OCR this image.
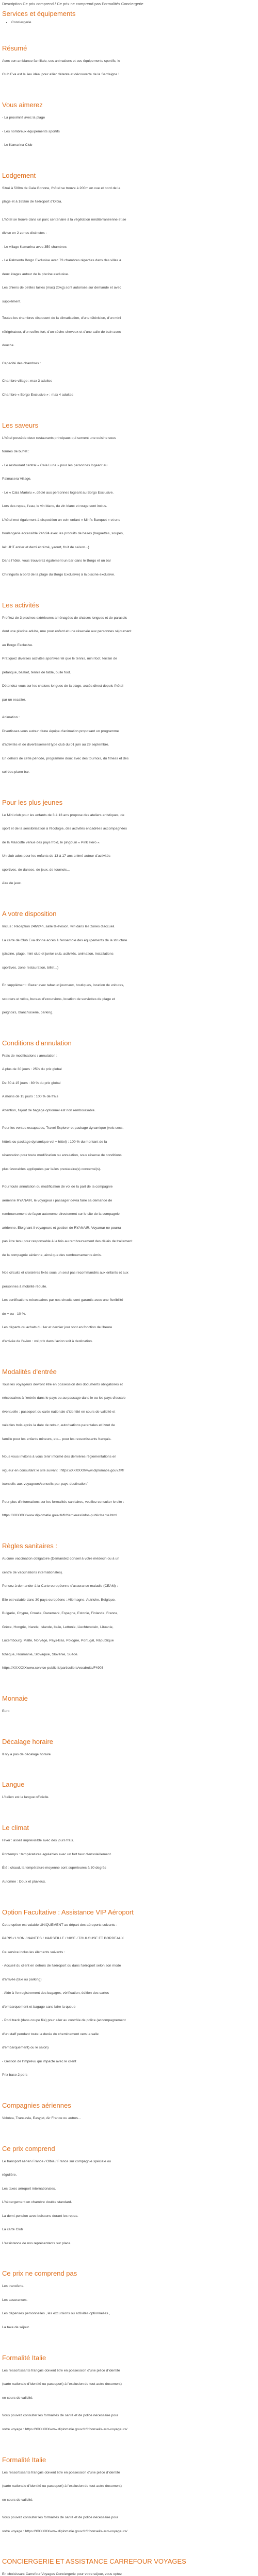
Description Ce prix comprend / Ce prix ne comprend pas Formalités Conciergerie
Services et équipements
• Conciergerie
Résumé

Avec son ambiance familiale, ses animations et ses équipements sportifs, le

Club Eva est le lieu idéal pour allier détente et découverte de la Sardaigne !

Vous aimerez

- La proximité avec la plage

- Les nombreux équipements sportifs

- Le Kamarina Club

Lodgement

Situé à 500m de Cala Gonone, l'hôtel se trouve à 200m en vue et bord de la

plage et à 165km de l'aéroport d'Olbia.

L'hôtel se trouve dans un parc centenaire à la végétation méditerranéenne et se

divise en 2 zones distinctes :

- Le village Kamarina avec 350 chambres

- Le Palmento Borgo Exclusive avec 73 chambres réparties dans des villas à

deux étages autour de la piscine exclusive.

Les chiens de petites tailles (max) 20kg) sont autorisés sur demande et avec

supplément.

Toutes les chambres disposent de la climatisation, d'une télévision, d'un mini

réfrigérateur, d'un coffre-fort, d'un sèche-cheveux et d'une salle de bain avec

douche.

Capacité des chambres :

Chambre village : max 3 adultes

Chambre « Borgo Exclusive » : max 4 adultes

Les saveurs

L'hôtel possède deux restaurants principaux qui servent une cuisine sous

formes de buffet :

- Le restaurant central « Cala Luna » pour les personnes logeant au

Palmasera Village.

- Le « Cala Mariolu », dédié aux personnes logeant au Borgo Exclusive.

Lors des repas, l'eau, le vin blanc, du vin blanc et rouge sont inclus.

L'hôtel met également à disposition un coin enfant « Mini's Banquet » et une

boulangerie accessible 24h/24 avec les produits de bases (baguettes, soupes,

lait UHT entier et demi écrémé, yaourt, fruit de saison...)

Dans l'hôtel, vous trouverez également un bar dans le Borgo et un bar

Chiringuito à bord de la plage du Borgo Exclusive) à la piscine exclusive.

Les activités

Profitez de 3 piscines extérieures aménagées de chaises longues et de parasols

dont une piscine adulte, une pour enfant et une réservée aux personnes séjournant

au Borgo Exclusive.

Pratiquez diverses activités sportives tel que le tennis, mini foot, terrain de

pétanque, basket, tennis de table, bulle foot.

Détendez-vous sur les chaises longues de la plage, accès direct depuis l'hôtel

par un escalier.

Animation :

Divertissez-vous autour d'une équipe d'animation proposant un programme

d'activités et de divertissement type club du 01 juin au 29 septembre.

En dehors de cette période, programme doux avec des tournois, du fitness et des

soirées piano bar.

Pour les plus jeunes

Le Mini club pour les enfants de 3 à 13 ans propose des ateliers artistiques, de

sport et de la sensibilisation à l'écologie, des activités encadrées accompagnées

de la Mascotte venue des pays froid, le pingouin « Pink Hero ».

Un club ados pour les enfants de 13 à 17 ans animé autour d'activités

sportives, de danses, de jeux, de tournois...

Aire de jeux.

A votre disposition

Inclus : Réception 24h/24h, salle télévision, wifi dans les zones d'accueil.

La carte de Club Eva donne accès à l'ensemble des équipements de la structure

(piscine, plage, mini club et junior club, activités, animation, installations

sportives, zone restauration, billet...)

En supplément : Bazar avec tabac et journaux, boutiques, location de voitures,

scooters et vélos, bureau d'excursions, location de serviettes de plage et

peignoirs, blanchisserie, parking.

Conditions d'annulation

Frais de modifications / annulation :

A plus de 30 jours : 25% du prix global

De 30 à 15 jours : 80 % du prix global

A moins de 15 jours : 100 % de frais

Attention, l'ajout de bagage optionnel est non remboursable.

Pour les ventes escapades, Travel Explorer et package dynamique (vols secs,

hôtels ou package dynamique vol + hôtel) : 100 % du montant de la

réservation pour toute modification ou annulation, sous réserve de conditions

plus favorables appliquées par le/les prestataire(s) concerné(s).

Pour toute annulation ou modification de vol de la part de la compagnie

aérienne RYANAIR, le voyageur / passager devra faire sa demande de

remboursement de façon autonome directement sur le site de la compagnie

aérienne. Eloignant il voyageurs et gestion de RYANAIR, Voyamar ne pourra

pas être tenu pour responsable à la fois au remboursement des délais de traitement

de la compagnie aérienne, ainsi que des remboursements émis.

Nos circuits et croisières fixés sous un seul pas recommandés aux enfants et aux

personnes à mobilité réduite.

Les certifications nécessaires par nos circuits sont garantis avec une flexibilité

de + ou - 10 %.

Les départs ou achats du 1er et dernier jour sont en fonction de l'heure

d'arrivée de l'avion : vol prix dans l'avion soit à destination.

Modalités d'entrée

Tous les voyageurs devront être en possession des documents obligatoires et

nécessaires à l'entrée dans le pays ou au passage dans le ou les pays d'escale

éventuelle : passeport ou carte nationale d'identité en cours de validité et

valables trois après la date de retour, autorisations parentales et livret de

famille pour les enfants mineurs, etc... pour les ressortissants français.

Nous vous invitons à vous tenir informé des dernières réglementations en

vigueur en consultant le site suivant : https://XXXXXXwww.diplomatie.gouv.fr/fr

/conseils-aux-voyageurs/conseils-par-pays-destination/

Pour plus d'informations sur les formalités sanitaires, veuillez consulter le site :

https://XXXXXXwww.diplomatie.gouv.fr/fr/dernieres/infos-public/sante.html

Règles sanitaires :

Aucune vaccination obligatoire (Demandez conseil à votre médecin ou à un

centre de vaccinations internationales).

Pensez à demander à la Carte européenne d'assurance maladie (CEAM) :

Elle est valable dans 30 pays européens : Allemagne, Autriche, Belgique,

Bulgarie, Chypre, Croatie, Danemark, Espagne, Estonie, Finlande, France,

Grèce, Hongrie, Irlande, Islande, Italie, Lettonie, Liechtenstein, Lituanie,

Luxembourg, Malte, Norvège, Pays-Bas, Pologne, Portugal, République

tchèque, Roumanie, Slovaquie, Slovénie, Suède.

https://XXXXXXwww.service-public.fr/particuliers/vosdroits/F4903

Monnaie

Euro

Décalage horaire

Il n'y a pas de décalage horaire

Langue

L'italien est la langue officielle.

Le climat

Hiver : assez imprévisible avec des jours frais.

Printemps : températures agréables avec un fort taux d'ensoleillement.

Été : chaud, la température moyenne sont supérieures à 30 degrés

Automne : Doux et pluvieux.

Option Facultative : Assistance VIP Aéroport

Cette option est valable UNIQUEMENT au départ des aéroports suivants :

PARIS / LYON / NANTES / MARSEILLE / NICE / TOULOUSE ET BORDEAUX

Ce service inclus les éléments suivants :

- Accueil du client en dehors de l'aéroport ou dans l'aéroport selon son mode

d'arrivée (taxi ou parking)

- Aide à l'enregistrement des bagages, vérification, édition des cartes

d'embarquement et bagage sans faire la queue

- Pool track (dans coupe file) pour aller au contrôle de police (accompagnement

d'un staff pendant toute la durée du cheminement vers la salle

d'embarquement) ou le salon)

- Gestion de l'imprévu qui impacte avec le client

Prix base 2 pers

Compagnies aériennes

Volotea, Transavia, Easyjet, Air France ou autres...

Ce prix comprend

Le transport aérien France / Olbia / France sur compagnie spéciale ou

régulière.

Les taxes aéroport internationales.

L'hébergement en chambre double standard.

La demi-pension avec boissons durant les repas.

La carte Club

L'assistance de nos représentants sur place

Ce prix ne comprend pas

Les transferts.

Les assurances.

Les dépenses personnelles , les excursions ou activités optionnelles ,

La taxe de séjour.

Formalité Italie

Les ressortissants français doivent être en possession d'une pièce d'identité

(carte nationale d'identité ou passeport) à l'exclusion de tout autre document)

en cours de validité.

Vous pouvez consulter les formalités de santé et de police nécessaire pour

votre voyage : https://XXXXXXwww.diplomatie.gouv.fr/fr/conseils-aux-voyageurs/

Formalité Italie

Les ressortissants français doivent être en possession d'une pièce d'identité

(carte nationale d'identité ou passeport) à l'exclusion de tout autre document)

en cours de validité.

Vous pouvez consulter les formalités de santé et de police nécessaire pour

votre voyage : https://XXXXXXwww.diplomatie.gouv.fr/fr/conseils-aux-voyageurs/

CONCIERGERIE ET ASSISTANCE CARREFOUR VOYAGES

En choisissant Carrefour Voyages Conciergerie pour votre séjour, vous optez
